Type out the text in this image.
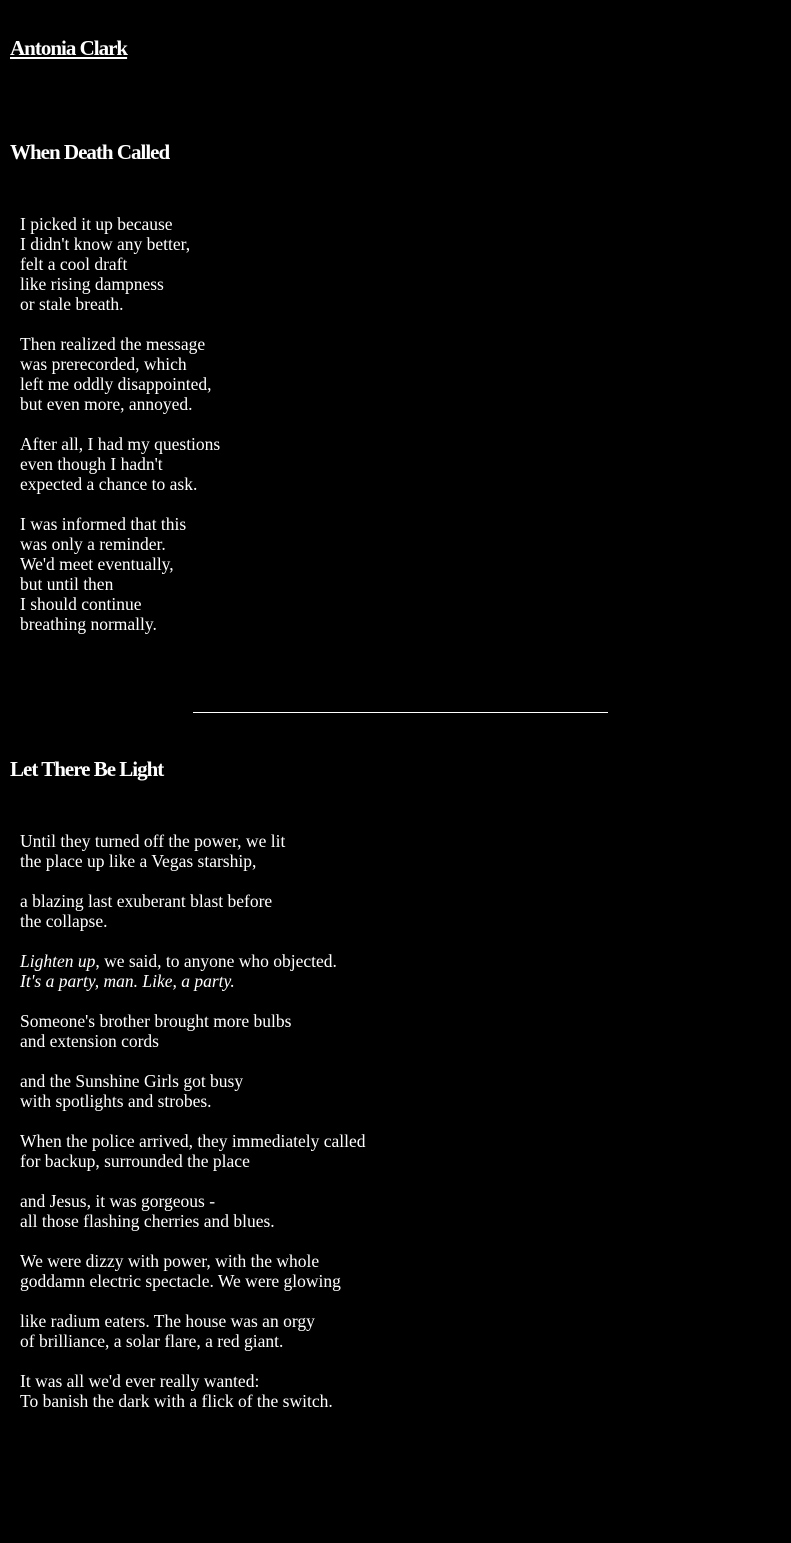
Antonia Clark
When Death Called
I picked it up because
I didn't know any better,
felt a cool draft
like rising dampness
or stale breath.
Then realized the message
was prerecorded, which
left me oddly disappointed,
but even more, annoyed.
After all, I had my questions
even though I hadn't
expected a chance to ask.
I was informed that this
was only a reminder.
We'd meet eventually,
but until then
I should continue
breathing normally.
Let There Be Light
Until they turned off the power, we lit
the place up like a Vegas starship,
a blazing last exuberant blast before
the collapse.
Lighten up, we said, to anyone who objected.
It's a party, man. Like, a party.
Someone's brother brought more bulbs
and extension cords
and the Sunshine Girls got busy
with spotlights and strobes.
When the police arrived, they immediately called
for backup, surrounded the place
and Jesus, it was gorgeous -
all those flashing cherries and blues.
We were dizzy with power, with the whole
goddamn electric spectacle. We were glowing
like radium eaters. The house was an orgy
of brilliance, a solar flare, a red giant.
It was all we'd ever really wanted:
To banish the dark with a flick of the switch.
